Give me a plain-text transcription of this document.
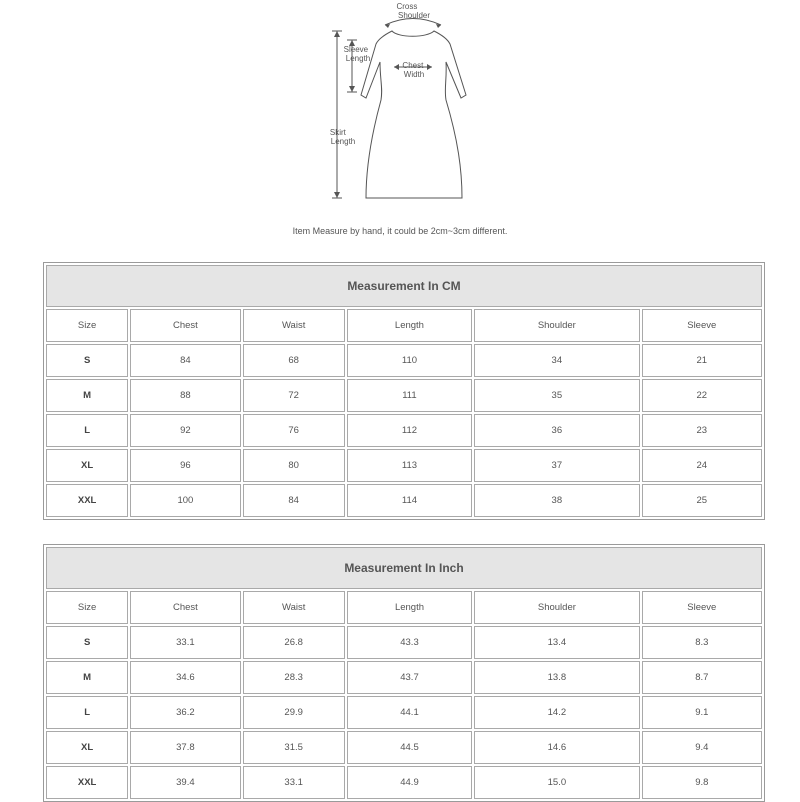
Cross Shoulder
Sleeve Length
Chest Width
Skirt Length
Item Measure by hand, it could be 2cm~3cm different.
Measurement In CM					
Size	Chest	Waist	Length	Shoulder	Sleeve
S	84	68	110	34	21
M	88	72	111	35	22
L	92	76	112	36	23
XL	96	80	113	37	24
XXL	100	84	114	38	25
Measurement In Inch					
Size	Chest	Waist	Length	Shoulder	Sleeve
S	33.1	26.8	43.3	13.4	8.3
M	34.6	28.3	43.7	13.8	8.7
L	36.2	29.9	44.1	14.2	9.1
XL	37.8	31.5	44.5	14.6	9.4
XXL	39.4	33.1	44.9	15.0	9.8
